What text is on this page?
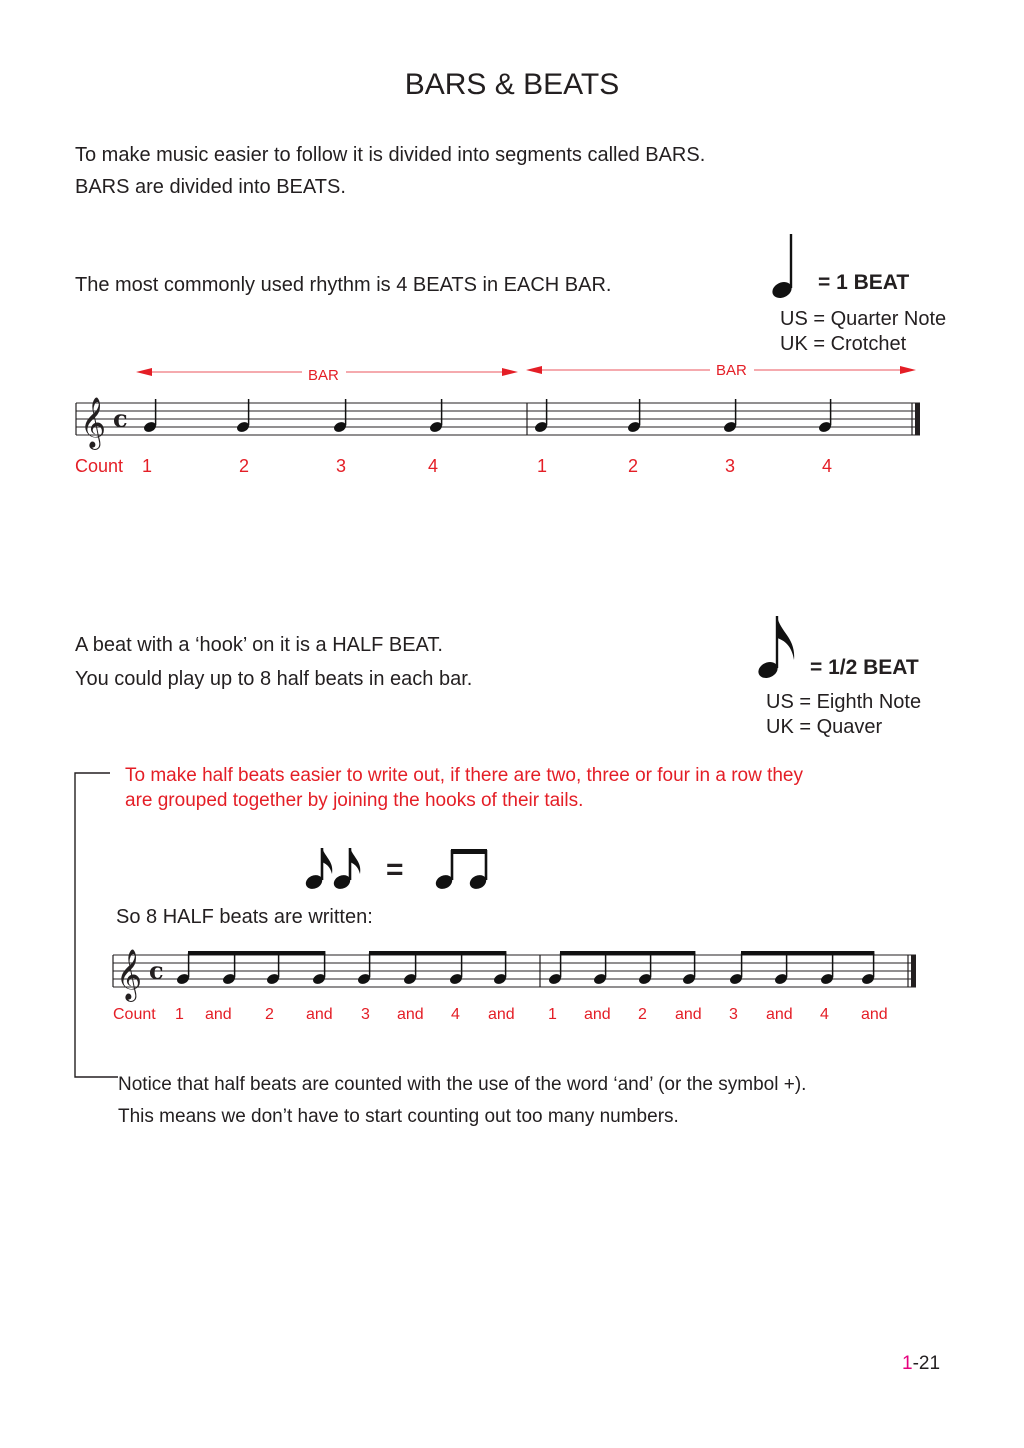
BARS & BEATS
To make music easier to follow it is divided into segments called BARS.
BARS are divided into BEATS.
The most commonly used rhythm is 4 BEATS in EACH BAR.	= 1 BEAT
US = Quarter Note
UK = Crotchet
BAR	BAR
𝄞 c
Count 1	2	3	4	1	2	3	4
A beat with a ‘hook’ on it is a HALF BEAT.
You could play up to 8 half beats in each bar.	= 1/2 BEAT
US = Eighth Note
UK = Quaver
To make half beats easier to write out, if there are two, three or four in a row they
are grouped together by joining the hooks of their tails.
=
So 8 HALF beats are written:
𝄞 c
Count 1 and 2 and 3 and 4 and 1 and 2 and 3 and 4 and
Notice that half beats are counted with the use of the word ‘and’ (or the symbol +).
This means we don’t have to start counting out too many numbers.
1-21
